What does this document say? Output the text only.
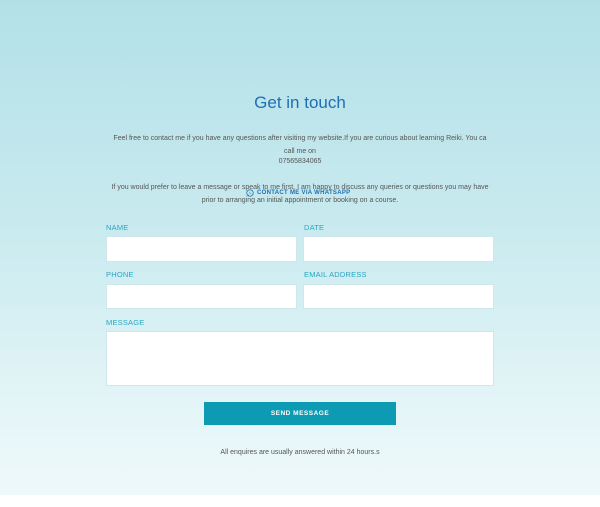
Get in touch
Feel free to contact me if you have any questions after visiting my website.If you are curious about learning Reiki. You ca
call me on
07565834065
If you would prefer to leave a message or speak to me first, I am happy to discuss any queries or questions you may have prior to arranging an initial appointment or booking on a course.
CONTACT ME VIA WHATSAPP
NAME	DATE
PHONE	EMAIL ADDRESS
MESSAGE
SEND MESSAGE
All enquires are usually answered within 24 hours.s
